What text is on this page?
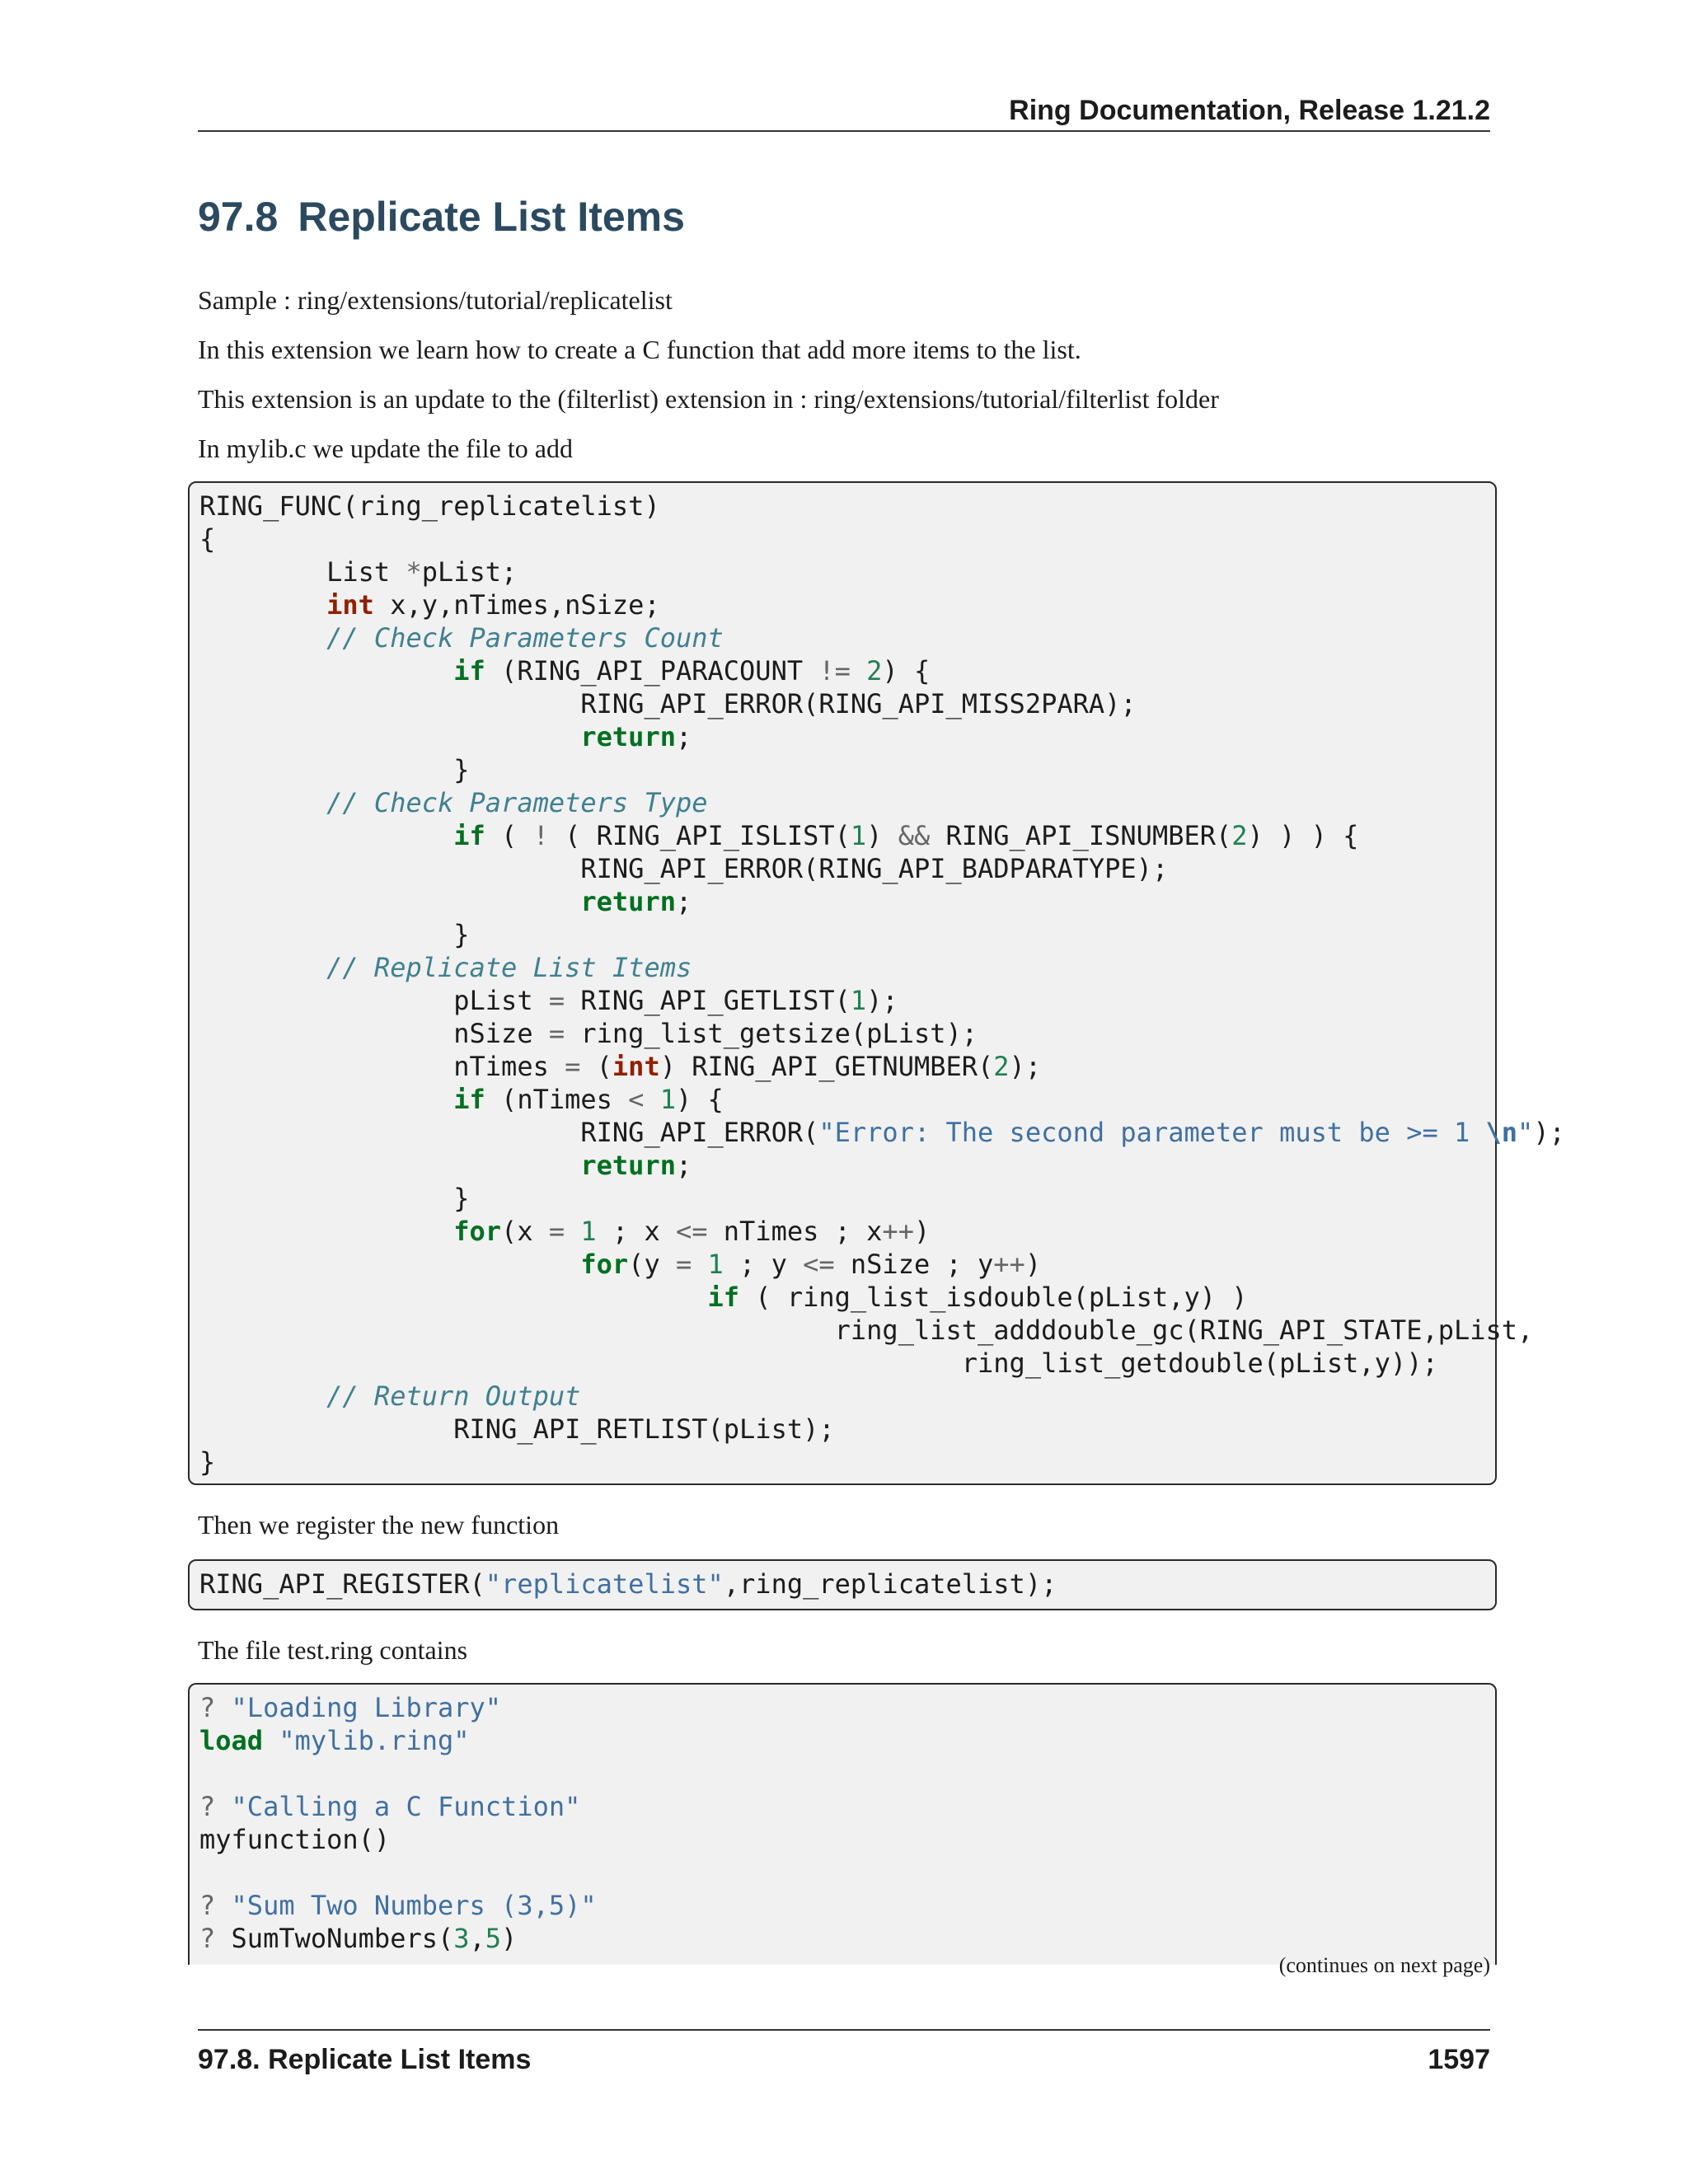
Ring Documentation, Release 1.21.2
97.8 Replicate List Items
Sample : ring/extensions/tutorial/replicatelist
In this extension we learn how to create a C function that add more items to the list.
This extension is an update to the (filterlist) extension in : ring/extensions/tutorial/filterlist folder
In mylib.c we update the file to add
RING_FUNC(ring_replicatelist)
{
List *pList;
int x,y,nTimes,nSize;
// Check Parameters Count
if (RING_API_PARACOUNT != 2) {
RING_API_ERROR(RING_API_MISS2PARA);
return;
}
// Check Parameters Type
if ( ! ( RING_API_ISLIST(1) && RING_API_ISNUMBER(2) ) ) {
RING_API_ERROR(RING_API_BADPARATYPE);
return;
}
// Replicate List Items
pList = RING_API_GETLIST(1);
nSize = ring_list_getsize(pList);
nTimes = (int) RING_API_GETNUMBER(2);
if (nTimes < 1) {
RING_API_ERROR("Error: The second parameter must be >= 1 \n");
return;
}
for(x = 1 ; x <= nTimes ; x++)
for(y = 1 ; y <= nSize ; y++)
if ( ring_list_isdouble(pList,y) )
ring_list_adddouble_gc(RING_API_STATE,pList,
ring_list_getdouble(pList,y));
// Return Output
RING_API_RETLIST(pList);
}
Then we register the new function
RING_API_REGISTER("replicatelist",ring_replicatelist);
The file test.ring contains
? "Loading Library"
load "mylib.ring"

? "Calling a C Function"
myfunction()

? "Sum Two Numbers (3,5)"
? SumTwoNumbers(3,5)
(continues on next page)
97.8. Replicate List Items	1597
